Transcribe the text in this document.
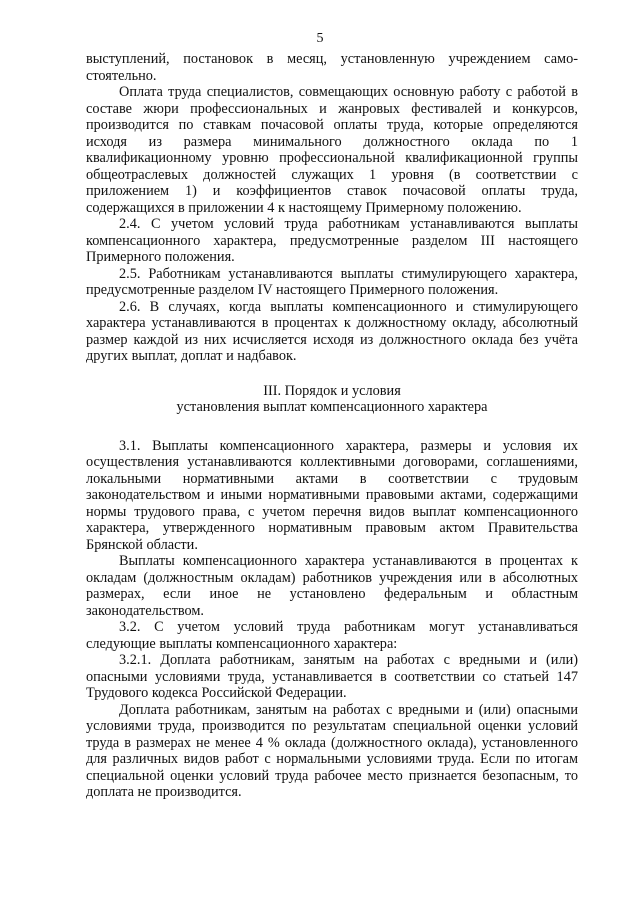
5

выступлений, постановок в месяц, установленную учреждением само-стоятельно.

Оплата труда специалистов, совмещающих основную работу с работой в составе жюри профессиональных и жанровых фестивалей и конкурсов, производится по ставкам почасовой оплаты труда, которые определяются исходя из размера минимального должностного оклада по 1 квалификационному уровню профессиональной квалификационной группы общеотраслевых должностей служащих 1 уровня (в соответствии с приложением 1) и коэффициентов ставок почасовой оплаты труда, содержащихся в приложении 4 к настоящему Примерному положению.

2.4. С учетом условий труда работникам устанавливаются выплаты компенсационного характера, предусмотренные разделом III настоящего Примерного положения.

2.5. Работникам устанавливаются выплаты стимулирующего характера, предусмотренные разделом IV настоящего Примерного положения.

2.6. В случаях, когда выплаты компенсационного и стимулирующего характера устанавливаются в процентах к должностному окладу, абсолютный размер каждой из них исчисляется исходя из должностного оклада без учёта других выплат, доплат и надбавок.

III. Порядок и условия

установления выплат компенсационного характера

3.1. Выплаты компенсационного характера, размеры и условия их осуществления устанавливаются коллективными договорами, соглашениями, локальными нормативными актами в соответствии с трудовым законодательством и иными нормативными правовыми актами, содержащими нормы трудового права, с учетом перечня видов выплат компенсационного характера, утвержденного нормативным правовым актом Правительства Брянской области.

Выплаты компенсационного характера устанавливаются в процентах к окладам (должностным окладам) работников учреждения или в абсолютных размерах, если иное не установлено федеральным и областным законодательством.

3.2. С учетом условий труда работникам могут устанавливаться следующие выплаты компенсационного характера:

3.2.1. Доплата работникам, занятым на работах с вредными и (или) опасными условиями труда, устанавливается в соответствии со статьей 147 Трудового кодекса Российской Федерации.

Доплата работникам, занятым на работах с вредными и (или) опасными условиями труда, производится по результатам специальной оценки условий труда в размерах не менее 4 % оклада (должностного оклада), установленного для различных видов работ с нормальными условиями труда. Если по итогам специальной оценки условий труда рабочее место признается безопасным, то доплата не производится.
